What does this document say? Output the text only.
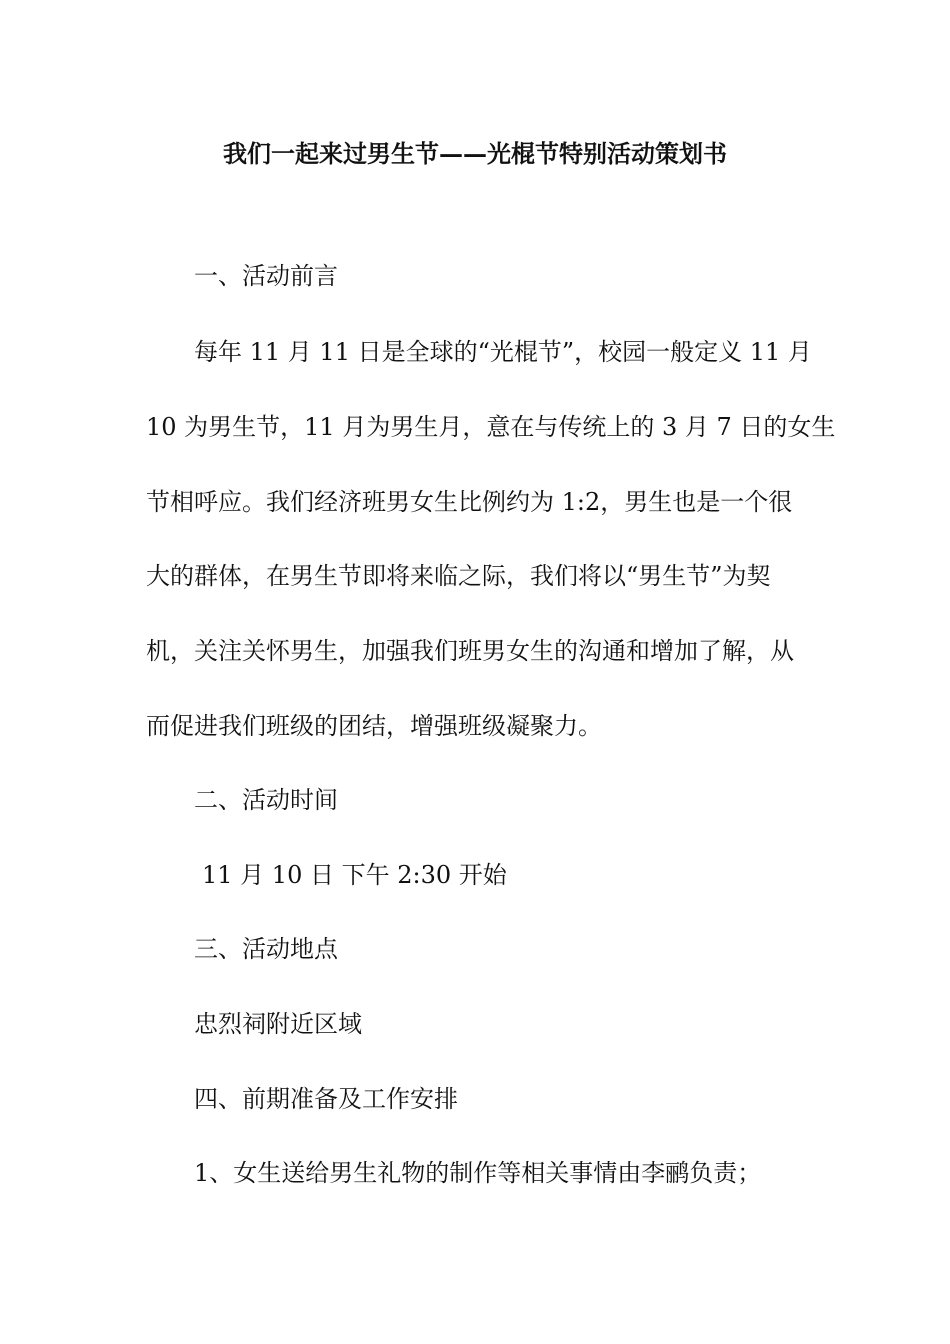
我们一起来过男生节——光棍节特别活动策划书
一、活动前言
每年 11 月 11 日是全球的“光棍节”，校园一般定义 11 月
10 为男生节，11 月为男生月，意在与传统上的 3 月 7 日的女生
节相呼应。我们经济班男女生比例约为 1:2，男生也是一个很
大的群体，在男生节即将来临之际，我们将以“男生节”为契
机，关注关怀男生，加强我们班男女生的沟通和增加了解，从
而促进我们班级的团结，增强班级凝聚力。
二、活动时间
11 月 10 日 下午 2:30 开始
三、活动地点
忠烈祠附近区域
四、前期准备及工作安排
1、女生送给男生礼物的制作等相关事情由李鹂负责；
